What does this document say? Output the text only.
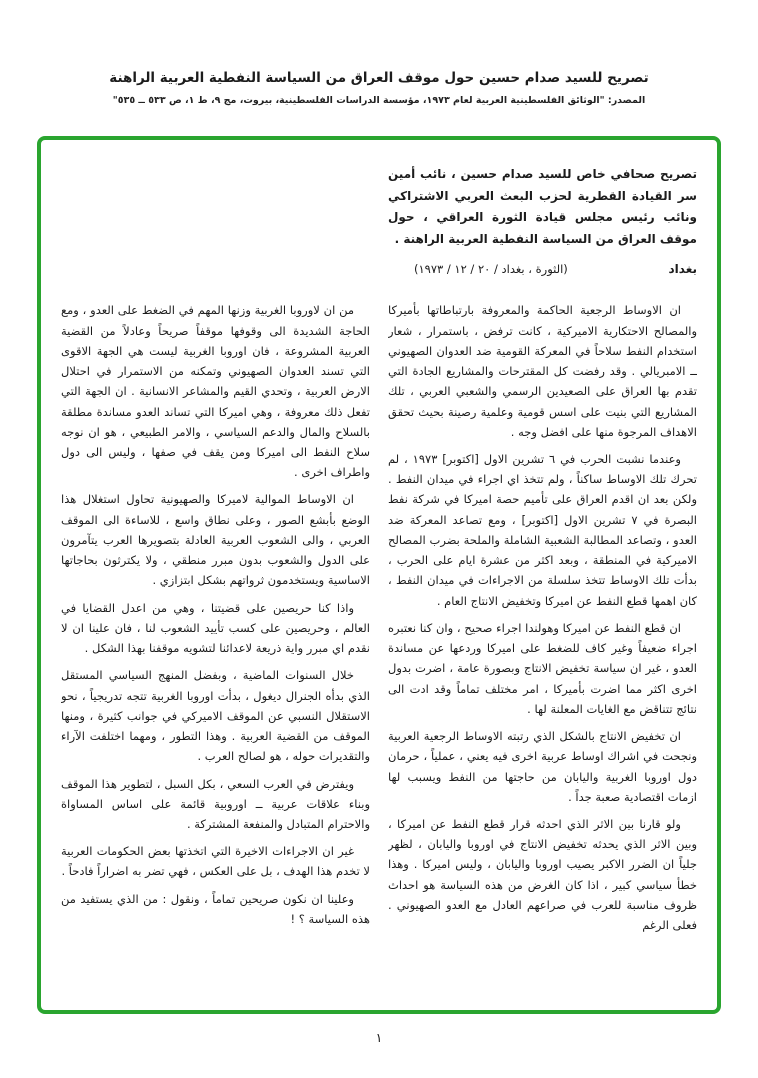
تصريح للسيد صدام حسين حول موقف العراق من السياسة النفطية العربية الراهنة
المصدر: "الوثائق الفلسطينية العربية لعام ١٩٧٣، مؤسسة الدراسات الفلسطينية، بيروت، مج ٩، ط ١، ص ٥٣٣ ــ ٥٣٥"

تصريح صحافي خاص للسيد صدام حسين ، نائب أمين سر القيادة القطرية لحزب البعث العربي الاشتراكي ونائب رئيس مجلس قيادة الثورة العراقي ، حول موقف العراق من السياسة النفطية العربية الراهنة .

بغداد
(الثورة ، بغداد / ٢٠ / ١٢ / ١٩٧٣)

ان الاوساط الرجعية الحاكمة والمعروفة بارتباطاتها بأميركا والمصالح الاحتكارية الاميركية ، كانت ترفض ، باستمرار ، شعار استخدام النفط سلاحاً في المعركة القومية ضد العدوان الصهيوني ــ الامبريالي . وقد رفضت كل المقترحات والمشاريع الجادة التي تقدم بها العراق على الصعيدين الرسمي والشعبي العربي ، تلك المشاريع التي بنيت على اسس قومية وعلمية رصينة بحيث تحقق الاهداف المرجوة منها على افضل وجه .

وعندما نشبت الحرب في ٦ تشرين الاول [اكتوبر] ١٩٧٣ ، لم تحرك تلك الاوساط ساكناً ، ولم تتخذ اي اجراء في ميدان النفط . ولكن بعد ان اقدم العراق على تأميم حصة اميركا في شركة نفط البصرة في ٧ تشرين الاول [اكتوبر] ، ومع تصاعد المعركة ضد العدو ، وتصاعد المطالبة الشعبية الشاملة والملحة بضرب المصالح الاميركية في المنطقة ، وبعد اكثر من عشرة ايام على الحرب ، بدأت تلك الاوساط تتخذ سلسلة من الاجراءات في ميدان النفط ، كان اهمها قطع النفط عن اميركا وتخفيض الانتاج العام .

ان قطع النفط عن اميركا وهولندا اجراء صحيح ، وان كنا نعتبره اجراء ضعيفاً وغير كاف للضغط على اميركا وردعها عن مساندة العدو ، غير ان سياسة تخفيض الانتاج وبصورة عامة ، اضرت بدول اخرى اكثر مما اضرت بأميركا ، امر مختلف تماماً وقد ادت الى نتائج تتناقض مع الغايات المعلنة لها .

ان تخفيض الانتاج بالشكل الذي رتبته الاوساط الرجعية العربية ونجحت في اشراك اوساط عربية اخرى فيه يعني ، عملياً ، حرمان دول اوروبا الغربية واليابان من حاجتها من النفط ويسبب لها ازمات اقتصادية صعبة جداً .

ولو قارنا بين الاثر الذي احدثه قرار قطع النفط عن اميركا ، وبين الاثر الذي يحدثه تخفيض الانتاج في اوروبا واليابان ، لظهر جلياً ان الضرر الاكبر يصيب اوروبا واليابان ، وليس اميركا . وهذا خطأ سياسي كبير ، اذا كان الغرض من هذه السياسة هو احداث ظروف مناسبة للعرب في صراعهم العادل مع العدو الصهيوني . فعلى الرغم

من ان لاوروبا الغربية وزنها المهم في الضغط على العدو ، ومع الحاجة الشديدة الى وقوفها موقفاً صريحاً وعادلاً من القضية العربية المشروعة ، فان اوروبا الغربية ليست هي الجهة الاقوى التي تسند العدوان الصهيوني وتمكنه من الاستمرار في احتلال الارض العربية ، وتحدي القيم والمشاعر الانسانية . ان الجهة التي تفعل ذلك معروفة ، وهي اميركا التي تساند العدو مساندة مطلقة بالسلاح والمال والدعم السياسي ، والامر الطبيعي ، هو ان نوجه سلاح النفط الى اميركا ومن يقف في صفها ، وليس الى دول واطراف اخرى .

ان الاوساط الموالية لاميركا والصهيونية تحاول استغلال هذا الوضع بأبشع الصور ، وعلى نطاق واسع ، للاساءة الى الموقف العربي ، والى الشعوب العربية العادلة بتصويرها العرب يتآمرون على الدول والشعوب بدون مبرر منطقي ، ولا يكترثون بحاجاتها الاساسية ويستخدمون ثرواتهم بشكل ابتزازي .

واذا كنا حريصين على قضيتنا ، وهي من اعدل القضايا في العالم ، وحريصين على كسب تأييد الشعوب لنا ، فان علينا ان لا نقدم اي مبرر واية ذريعة لاعدائنا لتشويه موقفنا بهذا الشكل .

خلال السنوات الماضية ، وبفضل المنهج السياسي المستقل الذي بدأه الجنرال ديغول ، بدأت اوروبا الغربية تتجه تدريجياً ، نحو الاستقلال النسبي عن الموقف الاميركي في جوانب كثيرة ، ومنها الموقف من القضية العربية . وهذا التطور ، ومهما اختلفت الآراء والتقديرات حوله ، هو لصالح العرب .

ويفترض في العرب السعي ، بكل السبل ، لتطوير هذا الموقف وبناء علاقات عربية ــ اوروبية قائمة على اساس المساواة والاحترام المتبادل والمنفعة المشتركة .

غير ان الاجراءات الاخيرة التي اتخذتها بعض الحكومات العربية لا تخدم هذا الهدف ، بل على العكس ، فهي تضر به اضراراً فادحاً .

وعلينا ان نكون صريحين تماماً ، ونقول : من الذي يستفيد من هذه السياسة ؟ !

١
